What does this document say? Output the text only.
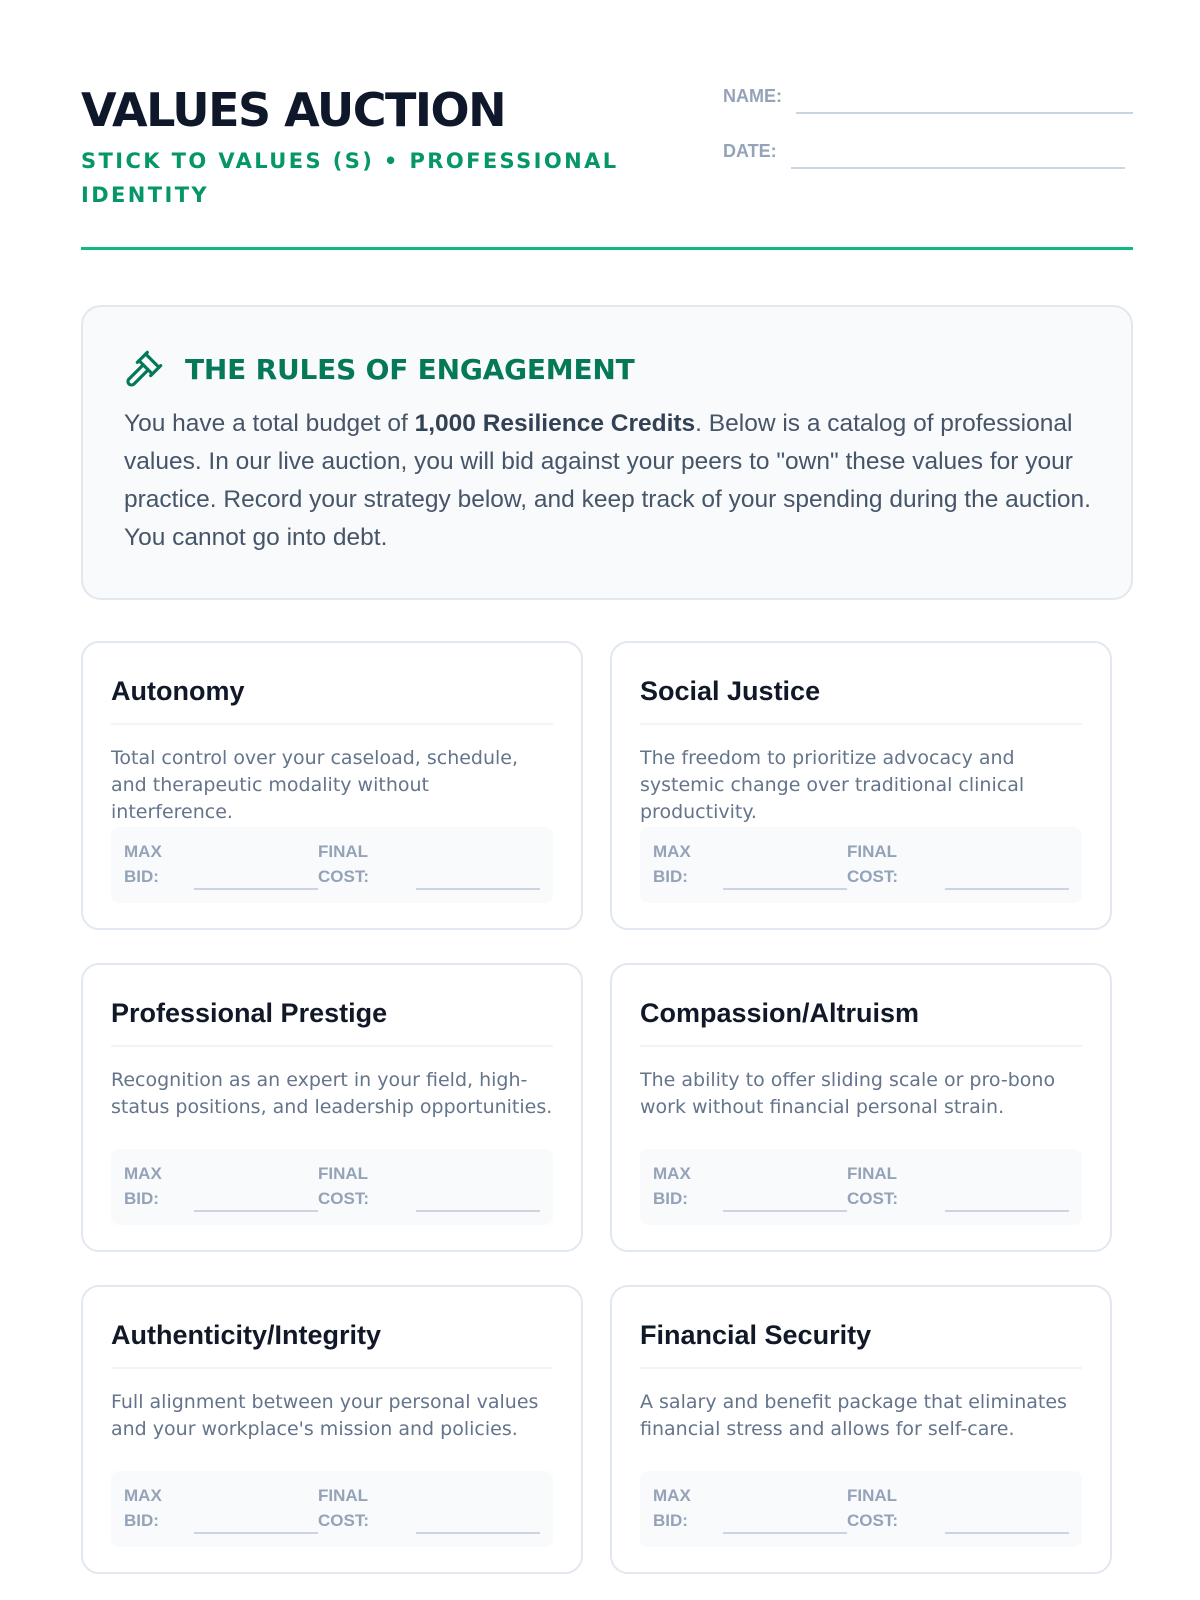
VALUES AUCTION
STICK TO VALUES (S) • PROFESSIONAL IDENTITY
NAME:
DATE:
THE RULES OF ENGAGEMENT

You have a total budget of 1,000 Resilience Credits. Below is a catalog of professional values. In our live auction, you will bid against your peers to "own" these values for your practice. Record your strategy below, and keep track of your spending during the auction. You cannot go into debt.

Autonomy
Total control over your caseload, schedule, and therapeutic modality without interference.
MAX BID:
FINAL COST:
Social Justice
The freedom to prioritize advocacy and systemic change over traditional clinical productivity.
MAX BID:
FINAL COST:
Professional Prestige
Recognition as an expert in your field, high-status positions, and leadership opportunities.
MAX BID:
FINAL COST:
Compassion/Altruism
The ability to offer sliding scale or pro-bono work without financial personal strain.
MAX BID:
FINAL COST:
Authenticity/Integrity
Full alignment between your personal values and your workplace's mission and policies.
MAX BID:
FINAL COST:
Financial Security
A salary and benefit package that eliminates financial stress and allows for self-care.
MAX BID:
FINAL COST:
